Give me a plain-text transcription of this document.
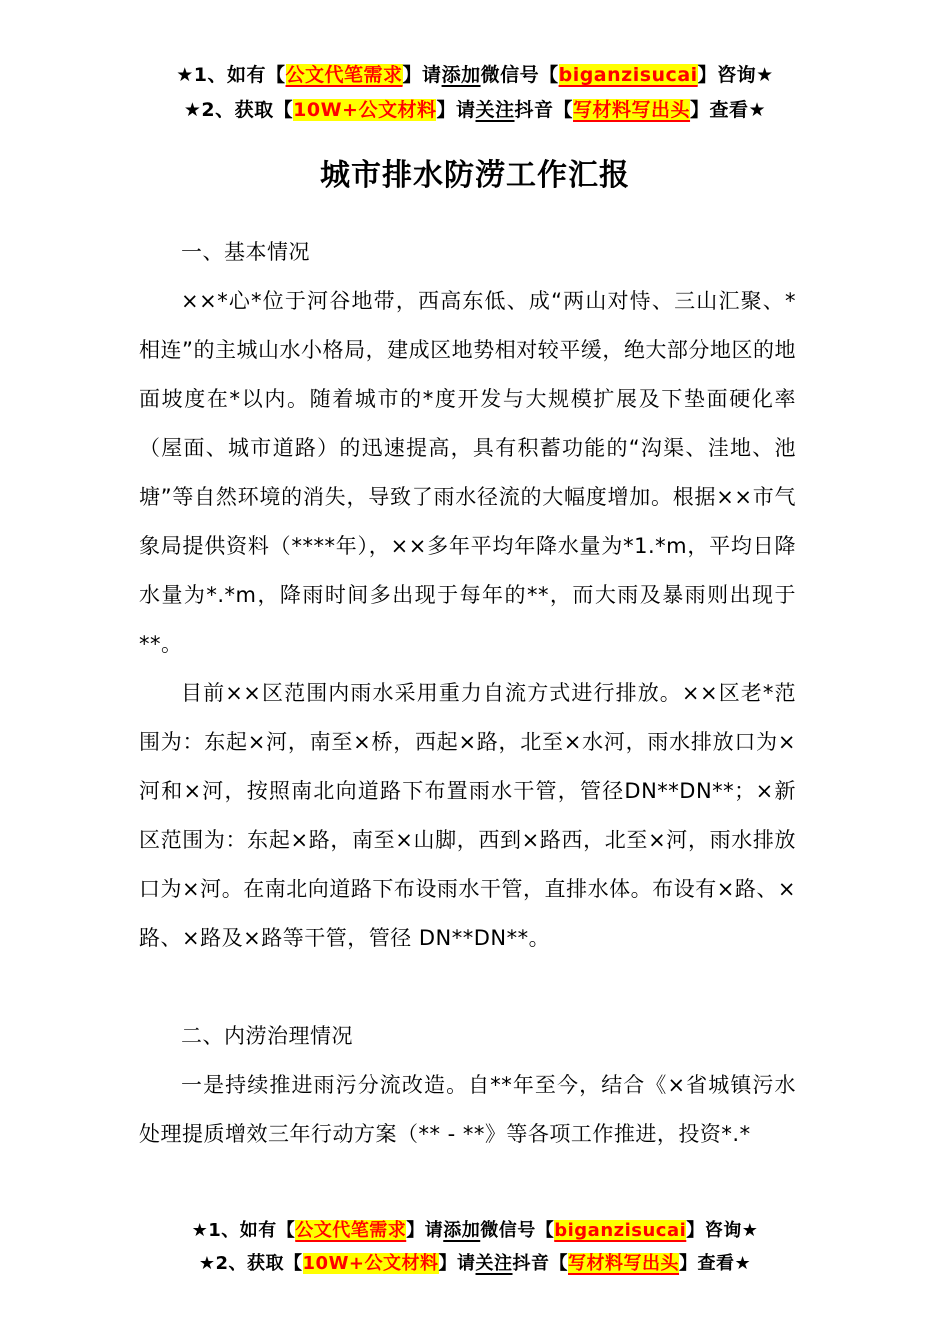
★1、如有【公文代笔需求】请添加微信号【biganzisucai】咨询★
★2、获取【10W+公文材料】请关注抖音【写材料写出头】查看★
城市排水防涝工作汇报

一、基本情况

××*心*位于河谷地带，西高东低、成“两山对恃、三山汇聚、*相连”的主城山水小格局，建成区地势相对较平缓，绝大部分地区的地面坡度在*以内。随着城市的*度开发与大规模扩展及下垫面硬化率（屋面、城市道路）的迅速提高，具有积蓄功能的“沟渠、洼地、池塘”等自然环境的消失，导致了雨水径流的大幅度增加。根据××市气象局提供资料（****年），××多年平均年降水量为*1.*m，平均日降水量为*.*m，降雨时间多出现于每年的**，而大雨及暴雨则出现于**。

目前××区范围内雨水采用重力自流方式进行排放。××区老*范围为：东起×河，南至×桥，西起×路，北至×水河，雨水排放口为×河和×河，按照南北向道路下布置雨水干管，管径DN**DN**；×新区范围为：东起×路，南至×山脚，西到×路西，北至×河，雨水排放口为×河。在南北向道路下布设雨水干管，直排水体。布设有×路、×路、×路及×路等干管，管径 DN**DN**。

二、内涝治理情况

一是持续推进雨污分流改造。自**年至今，结合《×省城镇污水处理提质增效三年行动方案（** - **》等各项工作推进，投资*.*

★1、如有【公文代笔需求】请添加微信号【biganzisucai】咨询★
★2、获取【10W+公文材料】请关注抖音【写材料写出头】查看★
